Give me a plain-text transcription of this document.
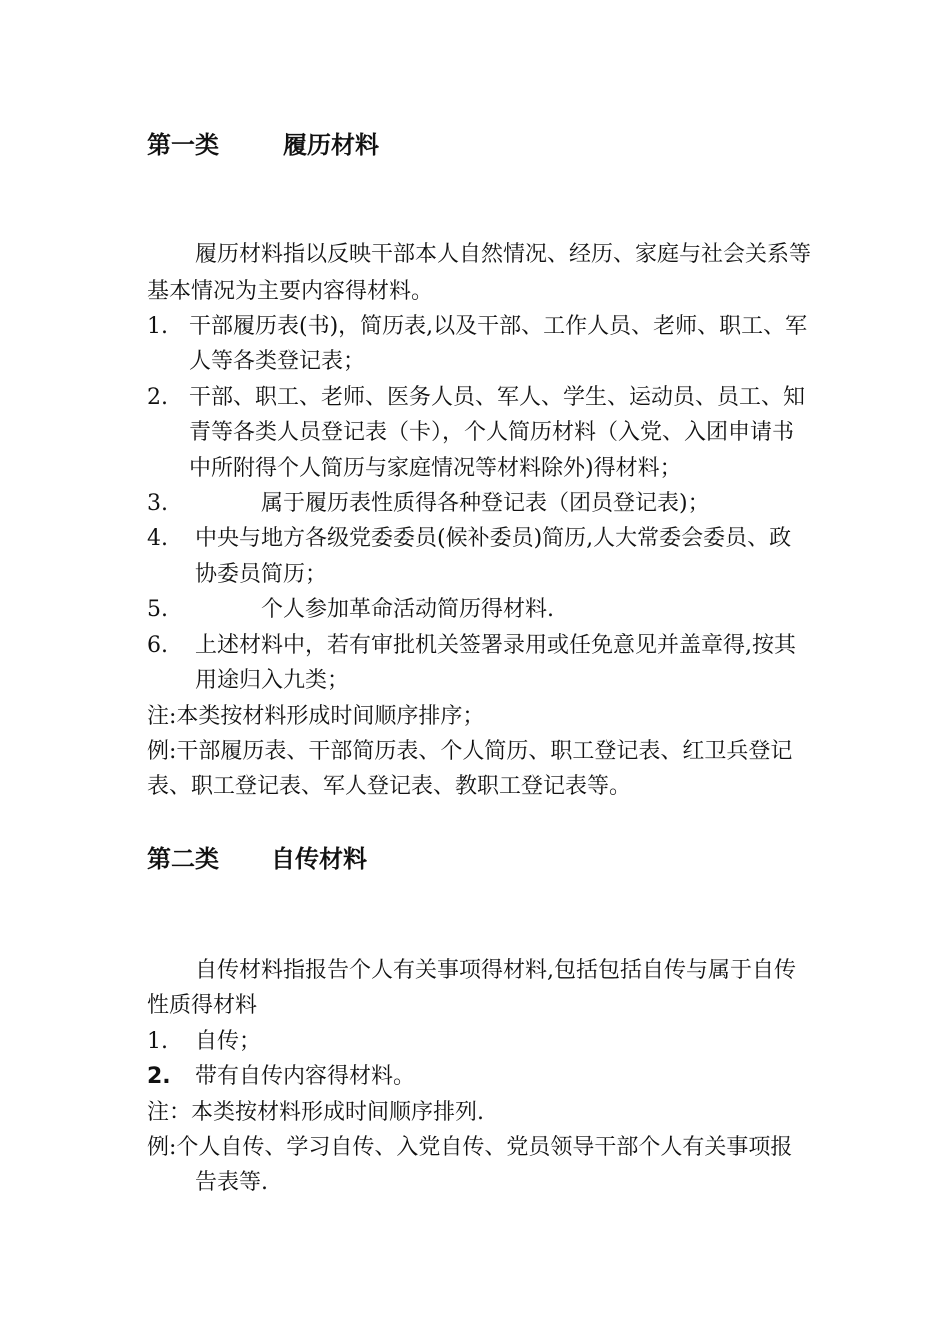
第一类	履历材料
履历材料指以反映干部本人自然情况、经历、家庭与社会关系等
基本情况为主要内容得材料。
1. 干部履历表(书)，简历表,以及干部、工作人员、老师、职工、军
人等各类登记表；
2. 干部、职工、老师、医务人员、军人、学生、运动员、员工、知
青等各类人员登记表（卡），个人简历材料（入党、入团申请书
中所附得个人简历与家庭情况等材料除外)得材料；
3.	属于履历表性质得各种登记表（团员登记表)；
4. 中央与地方各级党委委员(候补委员)简历,人大常委会委员、政
协委员简历；
5.	个人参加革命活动简历得材料.
6. 上述材料中，若有审批机关签署录用或任免意见并盖章得,按其
用途归入九类；
注:本类按材料形成时间顺序排序；
例:干部履历表、干部简历表、个人简历、职工登记表、红卫兵登记
表、职工登记表、军人登记表、教职工登记表等。
第二类 自传材料
自传材料指报告个人有关事项得材料,包括包括自传与属于自传
性质得材料
1. 自传；
2. 带有自传内容得材料。
注：本类按材料形成时间顺序排列.
例:个人自传、学习自传、入党自传、党员领导干部个人有关事项报
告表等.
